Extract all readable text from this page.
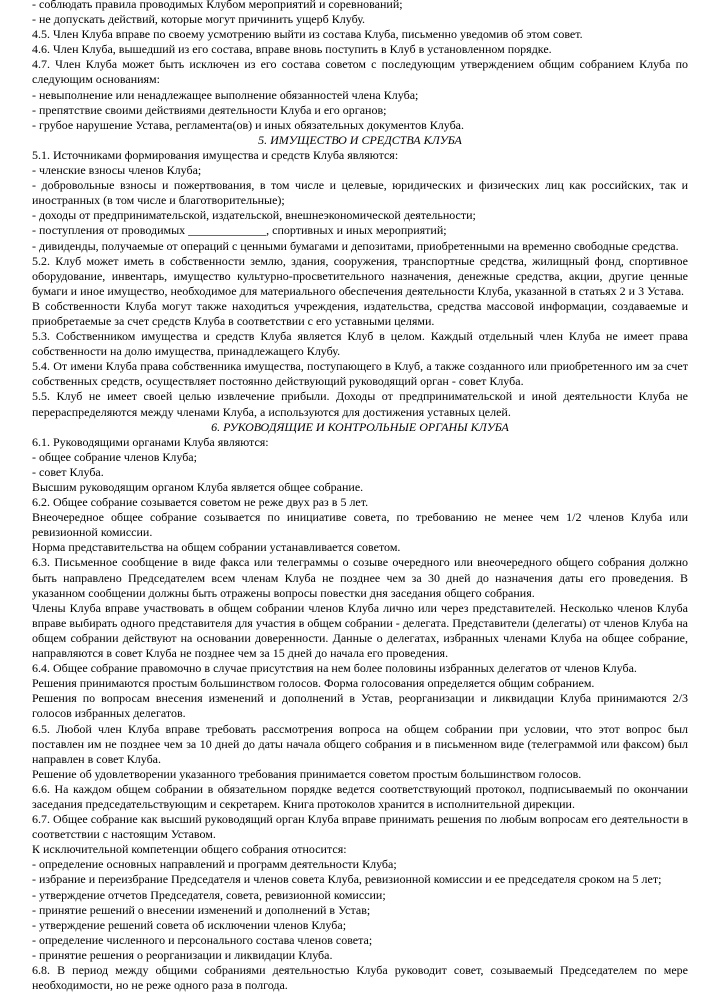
- соблюдать правила проводимых Клубом мероприятий и соревнований;

- не допускать действий, которые могут причинить ущерб Клубу.

4.5. Член Клуба вправе по своему усмотрению выйти из состава Клуба, письменно уведомив об этом совет.

4.6. Член Клуба, вышедший из его состава, вправе вновь поступить в Клуб в установленном порядке.

4.7. Член Клуба может быть исключен из его состава советом с последующим утверждением общим собранием Клуба по следующим основаниям:

- невыполнение или ненадлежащее выполнение обязанностей члена Клуба;

- препятствие своими действиями деятельности Клуба и его органов;

- грубое нарушение Устава, регламента(ов) и иных обязательных документов Клуба.

5. ИМУЩЕСТВО И СРЕДСТВА КЛУБА

5.1. Источниками формирования имущества и средств Клуба являются:

- членские взносы членов Клуба;

- добровольные взносы и пожертвования, в том числе и целевые, юридических и физических лиц как российских, так и иностранных (в том числе и благотворительные);

- доходы от предпринимательской, издательской, внешнеэкономической деятельности;

- поступления от проводимых _____________, спортивных и иных мероприятий;

- дивиденды, получаемые от операций с ценными бумагами и депозитами, приобретенными на временно свободные средства.

5.2. Клуб может иметь в собственности землю, здания, сооружения, транспортные средства, жилищный фонд, спортивное оборудование, инвентарь, имущество культурно-просветительного назначения, денежные средства, акции, другие ценные бумаги и иное имущество, необходимое для материального обеспечения деятельности Клуба, указанной в статьях 2 и 3 Устава.

В собственности Клуба могут также находиться учреждения, издательства, средства массовой информации, создаваемые и приобретаемые за счет средств Клуба в соответствии с его уставными целями.

5.3. Собственником имущества и средств Клуба является Клуб в целом. Каждый отдельный член Клуба не имеет права собственности на долю имущества, принадлежащего Клубу.

5.4. От имени Клуба права собственника имущества, поступающего в Клуб, а также созданного или приобретенного им за счет собственных средств, осуществляет постоянно действующий руководящий орган - совет Клуба.

5.5. Клуб не имеет своей целью извлечение прибыли. Доходы от предпринимательской и иной деятельности Клуба не перераспределяются между членами Клуба, а используются для достижения уставных целей.

6. РУКОВОДЯЩИЕ И КОНТРОЛЬНЫЕ ОРГАНЫ КЛУБА

6.1. Руководящими органами Клуба являются:

- общее собрание членов Клуба;

- совет Клуба.

Высшим руководящим органом Клуба является общее собрание.

6.2. Общее собрание созывается советом не реже двух раз в 5 лет.

Внеочередное общее собрание созывается по инициативе совета, по требованию не менее чем 1/2 членов Клуба или ревизионной комиссии.

Норма представительства на общем собрании устанавливается советом.

6.3. Письменное сообщение в виде факса или телеграммы о созыве очередного или внеочередного общего собрания должно быть направлено Председателем всем членам Клуба не позднее чем за 30 дней до назначения даты его проведения. В указанном сообщении должны быть отражены вопросы повестки дня заседания общего собрания.

Члены Клуба вправе участвовать в общем собрании членов Клуба лично или через представителей. Несколько членов Клуба вправе выбирать одного представителя для участия в общем собрании - делегата. Представители (делегаты) от членов Клуба на общем собрании действуют на основании доверенности. Данные о делегатах, избранных членами Клуба на общее собрание, направляются в совет Клуба не позднее чем за 15 дней до начала его проведения.

6.4. Общее собрание правомочно в случае присутствия на нем более половины избранных делегатов от членов Клуба.

Решения принимаются простым большинством голосов. Форма голосования определяется общим собранием.

Решения по вопросам внесения изменений и дополнений в Устав, реорганизации и ликвидации Клуба принимаются 2/3 голосов избранных делегатов.

6.5. Любой член Клуба вправе требовать рассмотрения вопроса на общем собрании при условии, что этот вопрос был поставлен им не позднее чем за 10 дней до даты начала общего собрания и в письменном виде (телеграммой или факсом) был направлен в совет Клуба.

Решение об удовлетворении указанного требования принимается советом простым большинством голосов.

6.6. На каждом общем собрании в обязательном порядке ведется соответствующий протокол, подписываемый по окончании заседания председательствующим и секретарем. Книга протоколов хранится в исполнительной дирекции.

6.7. Общее собрание как высший руководящий орган Клуба вправе принимать решения по любым вопросам его деятельности в соответствии с настоящим Уставом.

К исключительной компетенции общего собрания относится:

- определение основных направлений и программ деятельности Клуба;

- избрание и переизбрание Председателя и членов совета Клуба, ревизионной комиссии и ее председателя сроком на 5 лет;

- утверждение отчетов Председателя, совета, ревизионной комиссии;

- принятие решений о внесении изменений и дополнений в Устав;

- утверждение решений совета об исключении членов Клуба;

- определение численного и персонального состава членов совета;

- принятие решения о реорганизации и ликвидации Клуба.

6.8. В период между общими собраниями деятельностью Клуба руководит совет, созываемый Председателем по мере необходимости, но не реже одного раза в полгода.
